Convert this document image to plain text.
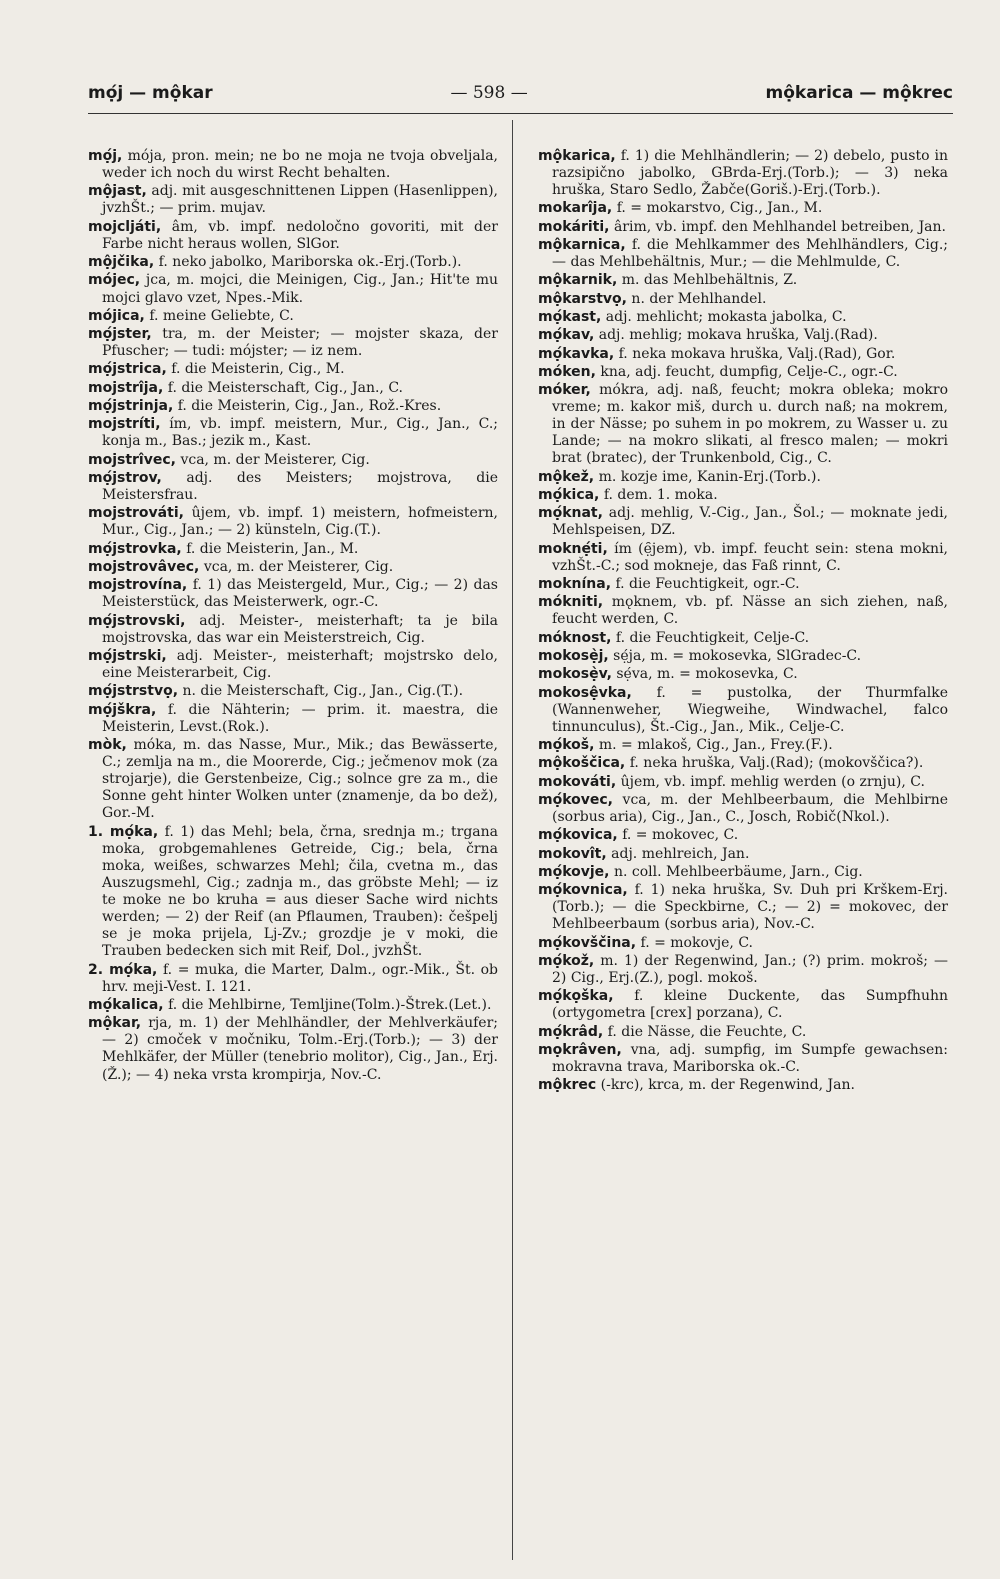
mọ́j — mộkar	— 598 —	mộkarica — mộkrec

mọ́j, mója, pron. mein; ne bo ne moja ne tvoja obveljala, weder ich noch du wirst Recht behalten.

mộjast, adj. mit ausgeschnittenen Lippen (Hasenlippen), jvzhŠt.; — prim. mujav.

mojcljáti, âm, vb. impf. nedoločno govoriti, mit der Farbe nicht heraus wollen, SlGor.

mộjčika, f. neko jabolko, Mariborska ok.-Erj.(Torb.).

mójec, jca, m. mojci, die Meinigen, Cig., Jan.; Hit'te mu mojci glavo vzet, Npes.-Mik.

mójica, f. meine Geliebte, C.

mọ́jster, tra, m. der Meister; — mojster skaza, der Pfuscher; — tudi: mójster; — iz nem.

mọ́jstrica, f. die Meisterin, Cig., M.

mojstrîja, f. die Meisterschaft, Cig., Jan., C.

mọ́jstrinja, f. die Meisterin, Cig., Jan., Rož.-Kres.

mojstríti, ím, vb. impf. meistern, Mur., Cig., Jan., C.; konja m., Bas.; jezik m., Kast.

mojstrîvec, vca, m. der Meisterer, Cig.

mọ́jstrov, adj. des Meisters; mojstrova, die Meistersfrau.

mojstrováti, ûjem, vb. impf. 1) meistern, hofmeistern, Mur., Cig., Jan.; — 2) künsteln, Cig.(T.).

mọ́jstrovka, f. die Meisterin, Jan., M.

mojstrovâvec, vca, m. der Meisterer, Cig.

mojstrovína, f. 1) das Meistergeld, Mur., Cig.; — 2) das Meisterstück, das Meisterwerk, ogr.-C.

mọ́jstrovski, adj. Meister-, meisterhaft; ta je bila mojstrovska, das war ein Meisterstreich, Cig.

mọ́jstrski, adj. Meister-, meisterhaft; mojstrsko delo, eine Meisterarbeit, Cig.

mọ́jstrstvọ, n. die Meisterschaft, Cig., Jan., Cig.(T.).

mọ́jškra, f. die Nähterin; — prim. it. maestra, die Meisterin, Levst.(Rok.).

mòk, móka, m. das Nasse, Mur., Mik.; das Bewässerte, C.; zemlja na m., die Moorerde, Cig.; ječmenov mok (za strojarje), die Gerstenbeize, Cig.; solnce gre za m., die Sonne geht hinter Wolken unter (znamenje, da bo dež), Gor.-M.

1. mọ́ka, f. 1) das Mehl; bela, črna, srednja m.; trgana moka, grobgemahlenes Getreide, Cig.; bela, črna moka, weißes, schwarzes Mehl; čila, cvetna m., das Auszugsmehl, Cig.; zadnja m., das gröbste Mehl; — iz te moke ne bo kruha = aus dieser Sache wird nichts werden; — 2) der Reif (an Pflaumen, Trauben): češpelj se je moka prijela, Lj-Zv.; grozdje je v moki, die Trauben bedecken sich mit Reif, Dol., jvzhŠt.

2. mọ́ka, f. = muka, die Marter, Dalm., ogr.-Mik., Št. ob hrv. meji-Vest. I. 121.

mọ́kalica, f. die Mehlbirne, Temljine(Tolm.)-Štrek.(Let.).

mộkar, rja, m. 1) der Mehlhändler, der Mehlverkäufer; — 2) cmoček v močniku, Tolm.-Erj.(Torb.); — 3) der Mehlkäfer, der Müller (tenebrio molitor), Cig., Jan., Erj.(Ž.); — 4) neka vrsta krompirja, Nov.-C.

mộkarica, f. 1) die Mehlhändlerin; — 2) debelo, pusto in razsipično jabolko, GBrda-Erj.(Torb.); — 3) neka hruška, Staro Sedlo, Žabče(Goriš.)-Erj.(Torb.).

mokarîja, f. = mokarstvo, Cig., Jan., M.

mokáriti, ârim, vb. impf. den Mehlhandel betreiben, Jan.

mộkarnica, f. die Mehlkammer des Mehlhändlers, Cig.; — das Mehlbehältnis, Mur.; — die Mehlmulde, C.

mộkarnik, m. das Mehlbehältnis, Z.

mộkarstvọ, n. der Mehlhandel.

mọ́kast, adj. mehlicht; mokasta jabolka, C.

mọ́kav, adj. mehlig; mokava hruška, Valj.(Rad).

mọ́kavka, f. neka mokava hruška, Valj.(Rad), Gor.

móken, kna, adj. feucht, dumpfig, Celje-C., ogr.-C.

móker, mókra, adj. naß, feucht; mokra obleka; mokro vreme; m. kakor miš, durch u. durch naß; na mokrem, in der Nässe; po suhem in po mokrem, zu Wasser u. zu Lande; — na mokro slikati, al fresco malen; — mokri brat (bratec), der Trunkenbold, Cig., C.

mộkež, m. kozje ime, Kanin-Erj.(Torb.).

mọ́kica, f. dem. 1. moka.

mọ́knat, adj. mehlig, V.-Cig., Jan., Šol.; — moknate jedi, Mehlspeisen, DZ.

moknẹ́ti, ím (ẹ̑jem), vb. impf. feucht sein: stena mokni, vzhŠt.-C.; sod mokneje, das Faß rinnt, C.

moknína, f. die Feuchtigkeit, ogr.-C.

mókniti, mǫknem, vb. pf. Nässe an sich ziehen, naß, feucht werden, C.

móknost, f. die Feuchtigkeit, Celje-C.

mokosẹ̀j, sẹ́ja, m. = mokosevka, SlGradec-C.

mokosẹ̀v, sẹ́va, m. = mokosevka, C.

mokosệvka, f. = pustolka, der Thurmfalke (Wannenweher, Wiegweihe, Windwachel, falco tinnunculus), Št.-Cig., Jan., Mik., Celje-C.

mọ́koš, m. = mlakoš, Cig., Jan., Frey.(F.).

mộkoščica, f. neka hruška, Valj.(Rad); (mokovščica?).

mokováti, ûjem, vb. impf. mehlig werden (o zrnju), C.

mọ́kovec, vca, m. der Mehlbeerbaum, die Mehlbirne (sorbus aria), Cig., Jan., C., Josch, Robič(Nkol.).

mọ́kovica, f. = mokovec, C.

mokovît, adj. mehlreich, Jan.

mọ́kovje, n. coll. Mehlbeerbäume, Jarn., Cig.

mọ́kovnica, f. 1) neka hruška, Sv. Duh pri Krškem-Erj.(Torb.); — die Speckbirne, C.; — 2) = mokovec, der Mehlbeerbaum (sorbus aria), Nov.-C.

mọ́kovščina, f. = mokovje, C.

mọ́kož, m. 1) der Regenwind, Jan.; (?) prim. mokroš; — 2) Cig., Erj.(Z.), pogl. mokoš.

mọ́kọška, f. kleine Duckente, das Sumpfhuhn (ortygometra [crex] porzana), C.

mọ́krâd, f. die Nässe, die Feuchte, C.

mọkrâven, vna, adj. sumpfig, im Sumpfe gewachsen: mokravna trava, Mariborska ok.-C.

mộkrec (-krc), krca, m. der Regenwind, Jan.
